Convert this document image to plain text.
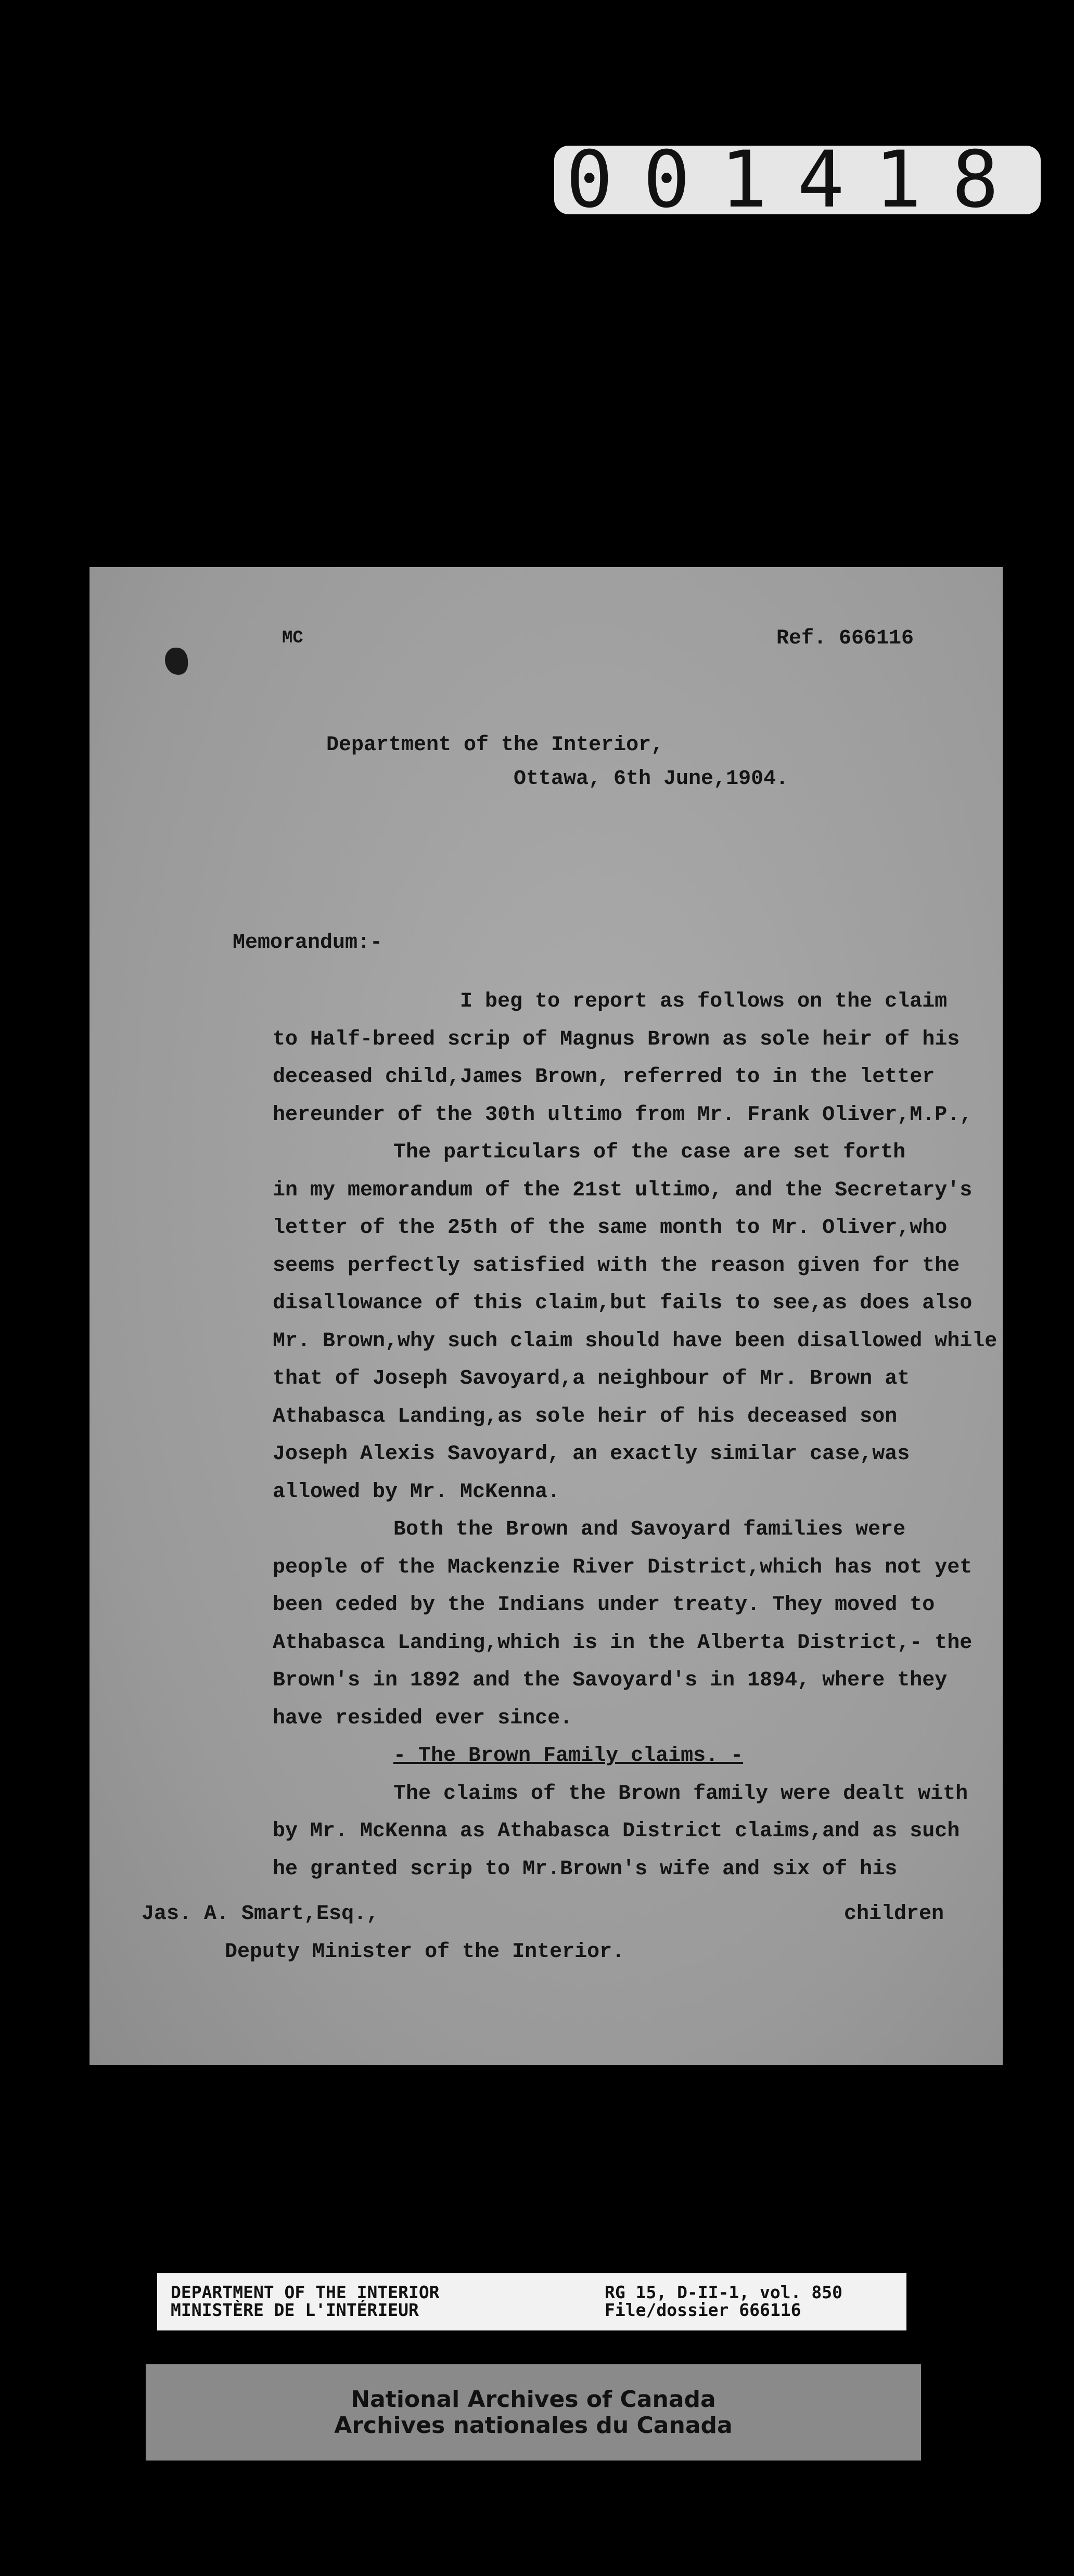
001418
MC	Ref. 666116
Department of the Interior,
Ottawa, 6th June,1904.
Memorandum:-
I beg to report as follows on the claim
to Half-breed scrip of Magnus Brown as sole heir of his
deceased child,James Brown, referred to in the letter
hereunder of the 30th ultimo from Mr. Frank Oliver,M.P.,
The particulars of the case are set forth
in my memorandum of the 21st ultimo, and the Secretary's
letter of the 25th of the same month to Mr. Oliver,who
seems perfectly satisfied with the reason given for the
disallowance of this claim,but fails to see,as does also
Mr. Brown,why such claim should have been disallowed while
that of Joseph Savoyard,a neighbour of Mr. Brown at
Athabasca Landing,as sole heir of his deceased son
Joseph Alexis Savoyard, an exactly similar case,was
allowed by Mr. McKenna.
Both the Brown and Savoyard families were
people of the Mackenzie River District,which has not yet
been ceded by the Indians under treaty. They moved to
Athabasca Landing,which is in the Alberta District,- the
Brown's in 1892 and the Savoyard's in 1894, where they
have resided ever since.
- The Brown Family claims. -
The claims of the Brown family were dealt with
by Mr. McKenna as Athabasca District claims,and as such
he granted scrip to Mr.Brown's wife and six of his
children
Jas. A. Smart,Esq.,
Deputy Minister of the Interior.
DEPARTMENT OF THE INTERIOR
MINISTÈRE DE L'INTÉRIEUR
RG 15, D-II-1, vol. 850
File/dossier 666116
National Archives of Canada
Archives nationales du Canada
